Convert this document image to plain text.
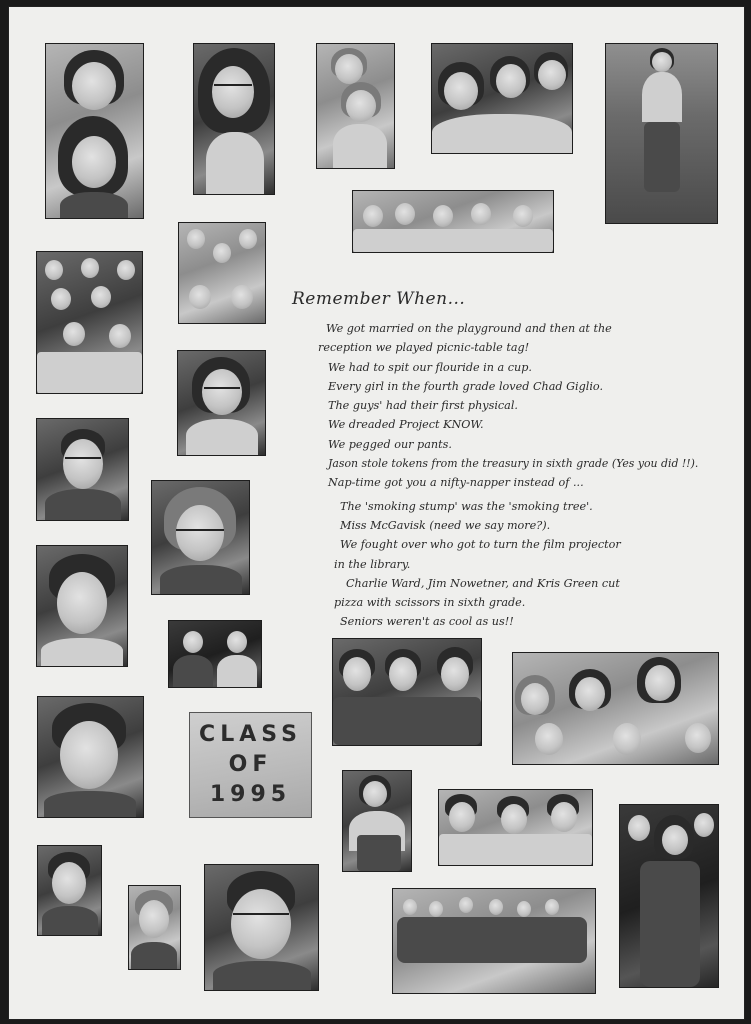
Remember When...
We got married on the playground and then at the
reception we played picnic-table tag!
We had to spit our flouride in a cup.
Every girl in the fourth grade loved Chad Giglio.
The guys' had their first physical.
We dreaded Project KNOW.
We pegged our pants.
Jason stole tokens from the treasury in sixth grade (Yes you did !!).
Nap-time got you a nifty-napper instead of ...
The 'smoking stump' was the 'smoking tree'.
Miss McGavisk (need we say more?).
We fought over who got to turn the film projector
in the library.
Charlie Ward, Jim Nowetner, and Kris Green cut
pizza with scissors in sixth grade.
Seniors weren't as cool as us!!
CLASS
OF
1995
